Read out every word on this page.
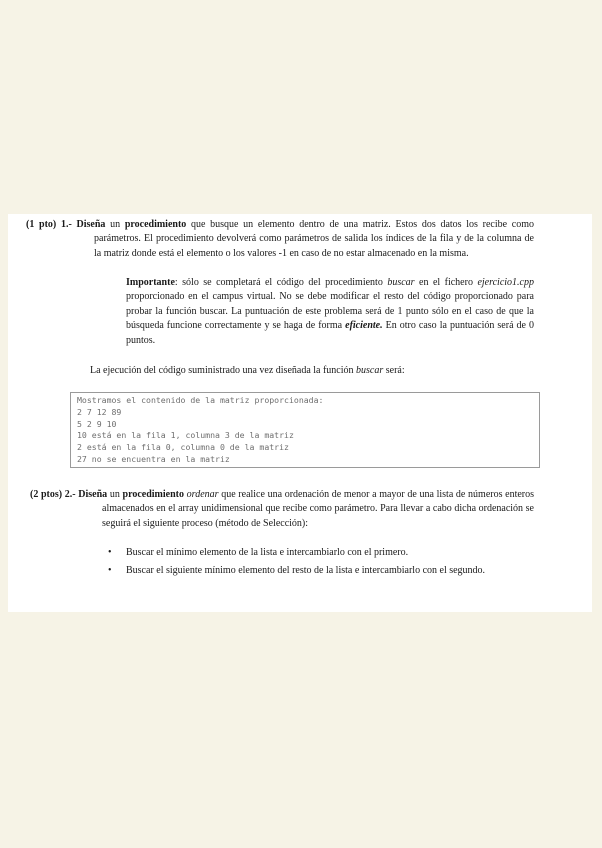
(1 pto) 1.- Diseña un procedimiento que busque un elemento dentro de una matriz. Estos dos datos los recibe como parámetros. El procedimiento devolverá como parámetros de salida los índices de la fila y de la columna de la matriz donde está el elemento o los valores -1 en caso de no estar almacenado en la misma.
Importante: sólo se completará el código del procedimiento buscar en el fichero ejercicio1.cpp proporcionado en el campus virtual. No se debe modificar el resto del código proporcionado para probar la función buscar. La puntuación de este problema será de 1 punto sólo en el caso de que la búsqueda funcione correctamente y se haga de forma eficiente. En otro caso la puntuación será de 0 puntos.
La ejecución del código suministrado una vez diseñada la función buscar será:
Mostramos el contenido de la matriz proporcionada:
2 7 12 89
5 2 9 10
10 está en la fila 1, columna 3 de la matriz
2 está en la fila 0, columna 0 de la matriz
27 no se encuentra en la matriz
(2 ptos) 2.- Diseña un procedimiento ordenar que realice una ordenación de menor a mayor de una lista de números enteros almacenados en el array unidimensional que recibe como parámetro. Para llevar a cabo dicha ordenación se seguirá el siguiente proceso (método de Selección):
• Buscar el mínimo elemento de la lista e intercambiarlo con el primero.
• Buscar el siguiente mínimo elemento del resto de la lista e intercambiarlo con el segundo.
